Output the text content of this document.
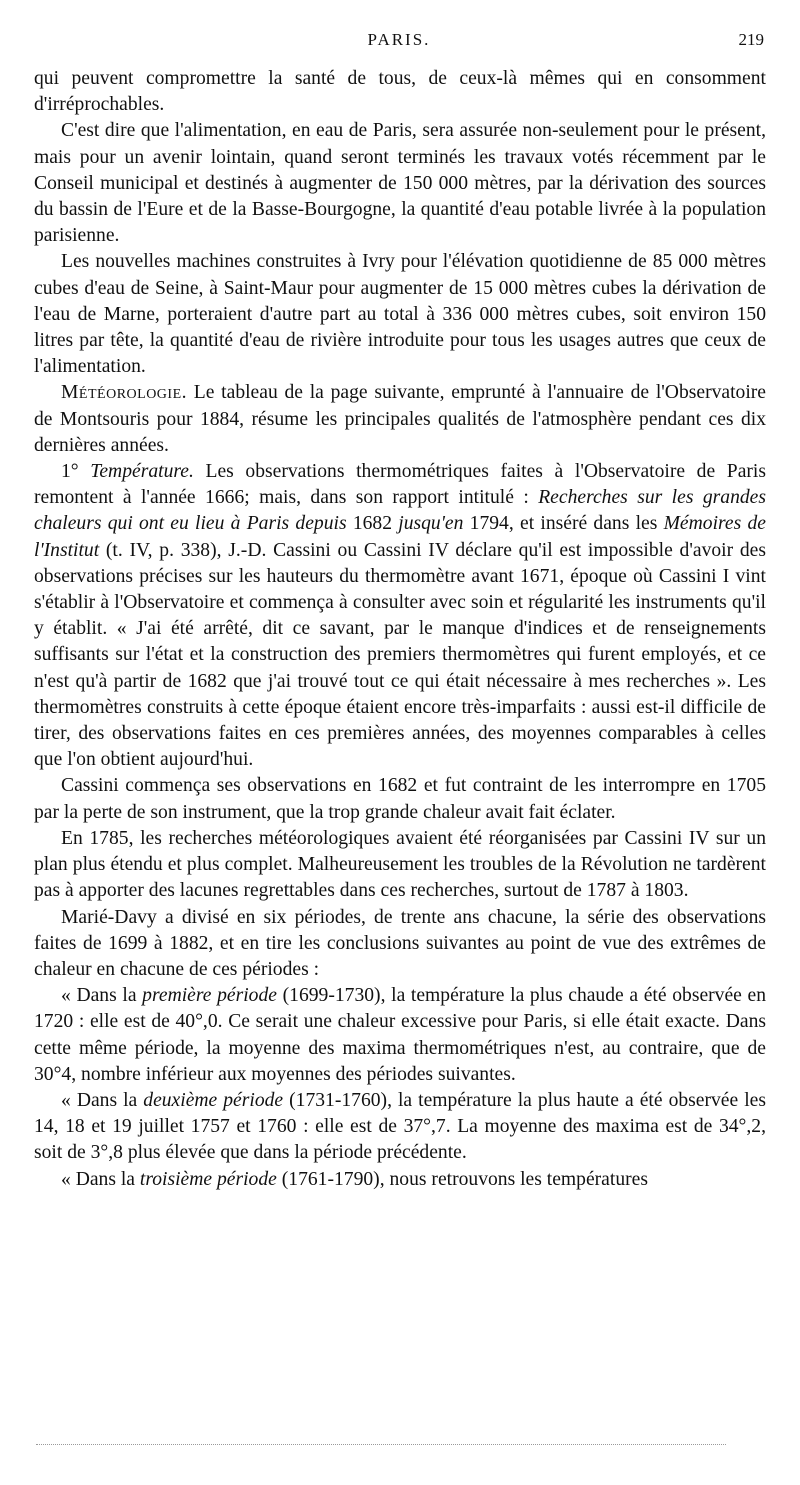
PARIS.	219

qui peuvent compromettre la santé de tous, de ceux-là mêmes qui en consomment d'irréprochables.

C'est dire que l'alimentation, en eau de Paris, sera assurée non-seulement pour le présent, mais pour un avenir lointain, quand seront terminés les travaux votés récemment par le Conseil municipal et destinés à augmenter de 150 000 mètres, par la dérivation des sources du bassin de l'Eure et de la Basse-Bourgogne, la quantité d'eau potable livrée à la population parisienne.

Les nouvelles machines construites à Ivry pour l'élévation quotidienne de 85 000 mètres cubes d'eau de Seine, à Saint-Maur pour augmenter de 15 000 mètres cubes la dérivation de l'eau de Marne, porteraient d'autre part au total à 336 000 mètres cubes, soit environ 150 litres par tête, la quantité d'eau de rivière introduite pour tous les usages autres que ceux de l'alimentation.

Météorologie. Le tableau de la page suivante, emprunté à l'annuaire de l'Observatoire de Montsouris pour 1884, résume les principales qualités de l'atmosphère pendant ces dix dernières années.

1° Température. Les observations thermométriques faites à l'Observatoire de Paris remontent à l'année 1666; mais, dans son rapport intitulé : Recherches sur les grandes chaleurs qui ont eu lieu à Paris depuis 1682 jusqu'en 1794, et inséré dans les Mémoires de l'Institut (t. IV, p. 338), J.-D. Cassini ou Cassini IV déclare qu'il est impossible d'avoir des observations précises sur les hauteurs du thermomètre avant 1671, époque où Cassini I vint s'établir à l'Observatoire et commença à consulter avec soin et régularité les instruments qu'il y établit. « J'ai été arrêté, dit ce savant, par le manque d'indices et de renseignements suffisants sur l'état et la construction des premiers thermomètres qui furent employés, et ce n'est qu'à partir de 1682 que j'ai trouvé tout ce qui était nécessaire à mes recherches ». Les thermomètres construits à cette époque étaient encore très-imparfaits : aussi est-il difficile de tirer, des observations faites en ces premières années, des moyennes comparables à celles que l'on obtient aujourd'hui.

Cassini commença ses observations en 1682 et fut contraint de les interrompre en 1705 par la perte de son instrument, que la trop grande chaleur avait fait éclater.

En 1785, les recherches météorologiques avaient été réorganisées par Cassini IV sur un plan plus étendu et plus complet. Malheureusement les troubles de la Révolution ne tardèrent pas à apporter des lacunes regrettables dans ces recherches, surtout de 1787 à 1803.

Marié-Davy a divisé en six périodes, de trente ans chacune, la série des observations faites de 1699 à 1882, et en tire les conclusions suivantes au point de vue des extrêmes de chaleur en chacune de ces périodes :

« Dans la première période (1699-1730), la température la plus chaude a été observée en 1720 : elle est de 40°,0. Ce serait une chaleur excessive pour Paris, si elle était exacte. Dans cette même période, la moyenne des maxima thermométriques n'est, au contraire, que de 30°4, nombre inférieur aux moyennes des périodes suivantes.

« Dans la deuxième période (1731-1760), la température la plus haute a été observée les 14, 18 et 19 juillet 1757 et 1760 : elle est de 37°,7. La moyenne des maxima est de 34°,2, soit de 3°,8 plus élevée que dans la période précédente.

« Dans la troisième période (1761-1790), nous retrouvons les températures
